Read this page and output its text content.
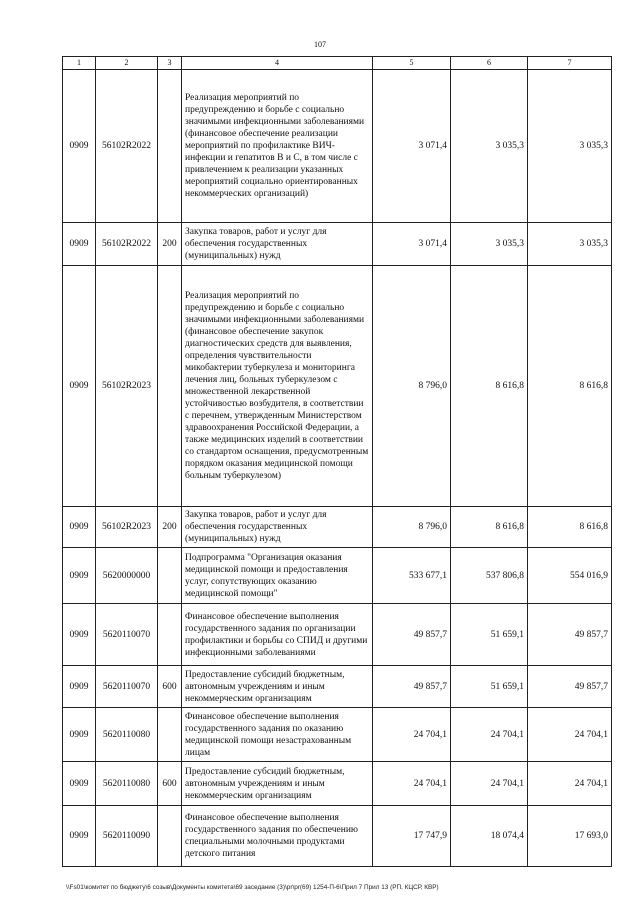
107
1	2	3	4	5	6	7
0909	56102R2022		Реализация мероприятий по предупреждению и борьбе с социально значимыми инфекционными заболеваниями (финансовое обеспечение реализации мероприятий по профилактике ВИЧ-инфекции и гепатитов В и С, в том числе с привлечением к реализации указанных мероприятий социально ориентированных некоммерческих организаций)	3 071,4	3 035,3	3 035,3
0909	56102R2022	200	Закупка товаров, работ и услуг для обеспечения государственных (муниципальных) нужд	3 071,4	3 035,3	3 035,3
0909	56102R2023		Реализация мероприятий по предупреждению и борьбе с социально значимыми инфекционными заболеваниями (финансовое обеспечение закупок диагностических средств для выявления, определения чувствительности микобактерии туберкулеза и мониторинга лечения лиц, больных туберкулезом с множественной лекарственной устойчивостью возбудителя, в соответствии с перечнем, утвержденным Министерством здравоохранения Российской Федерации, а также медицинских изделий в соответствии со стандартом оснащения, предусмотренным порядком оказания медицинской помощи больным туберкулезом)	8 796,0	8 616,8	8 616,8
0909	56102R2023	200	Закупка товаров, работ и услуг для обеспечения государственных (муниципальных) нужд	8 796,0	8 616,8	8 616,8
0909	5620000000		Подпрограмма "Организация оказания медицинской помощи и предоставления услуг, сопутствующих оказанию медицинской помощи"	533 677,1	537 806,8	554 016,9
0909	5620110070		Финансовое обеспечение выполнения государственного задания по организации профилактики и борьбы со СПИД и другими инфекционными заболеваниями	49 857,7	51 659,1	49 857,7
0909	5620110070	600	Предоставление субсидий бюджетным, автономным учреждениям и иным некоммерческим организациям	49 857,7	51 659,1	49 857,7
0909	5620110080		Финансовое обеспечение выполнения государственного задания по оказанию медицинской помощи незастрахованным лицам	24 704,1	24 704,1	24 704,1
0909	5620110080	600	Предоставление субсидий бюджетным, автономным учреждениям и иным некоммерческим организациям	24 704,1	24 704,1	24 704,1
0909	5620110090		Финансовое обеспечение выполнения государственного задания по обеспечению специальными молочными продуктами детского питания	17 747,9	18 074,4	17 693,0
\\Fs01\комитет по бюджету\6 созыв\Документы комитета\69 заседание (3)\pr\pr(69) 1254-П-6\Прил 7 Прил 13 (РП, КЦСР, КВР)
